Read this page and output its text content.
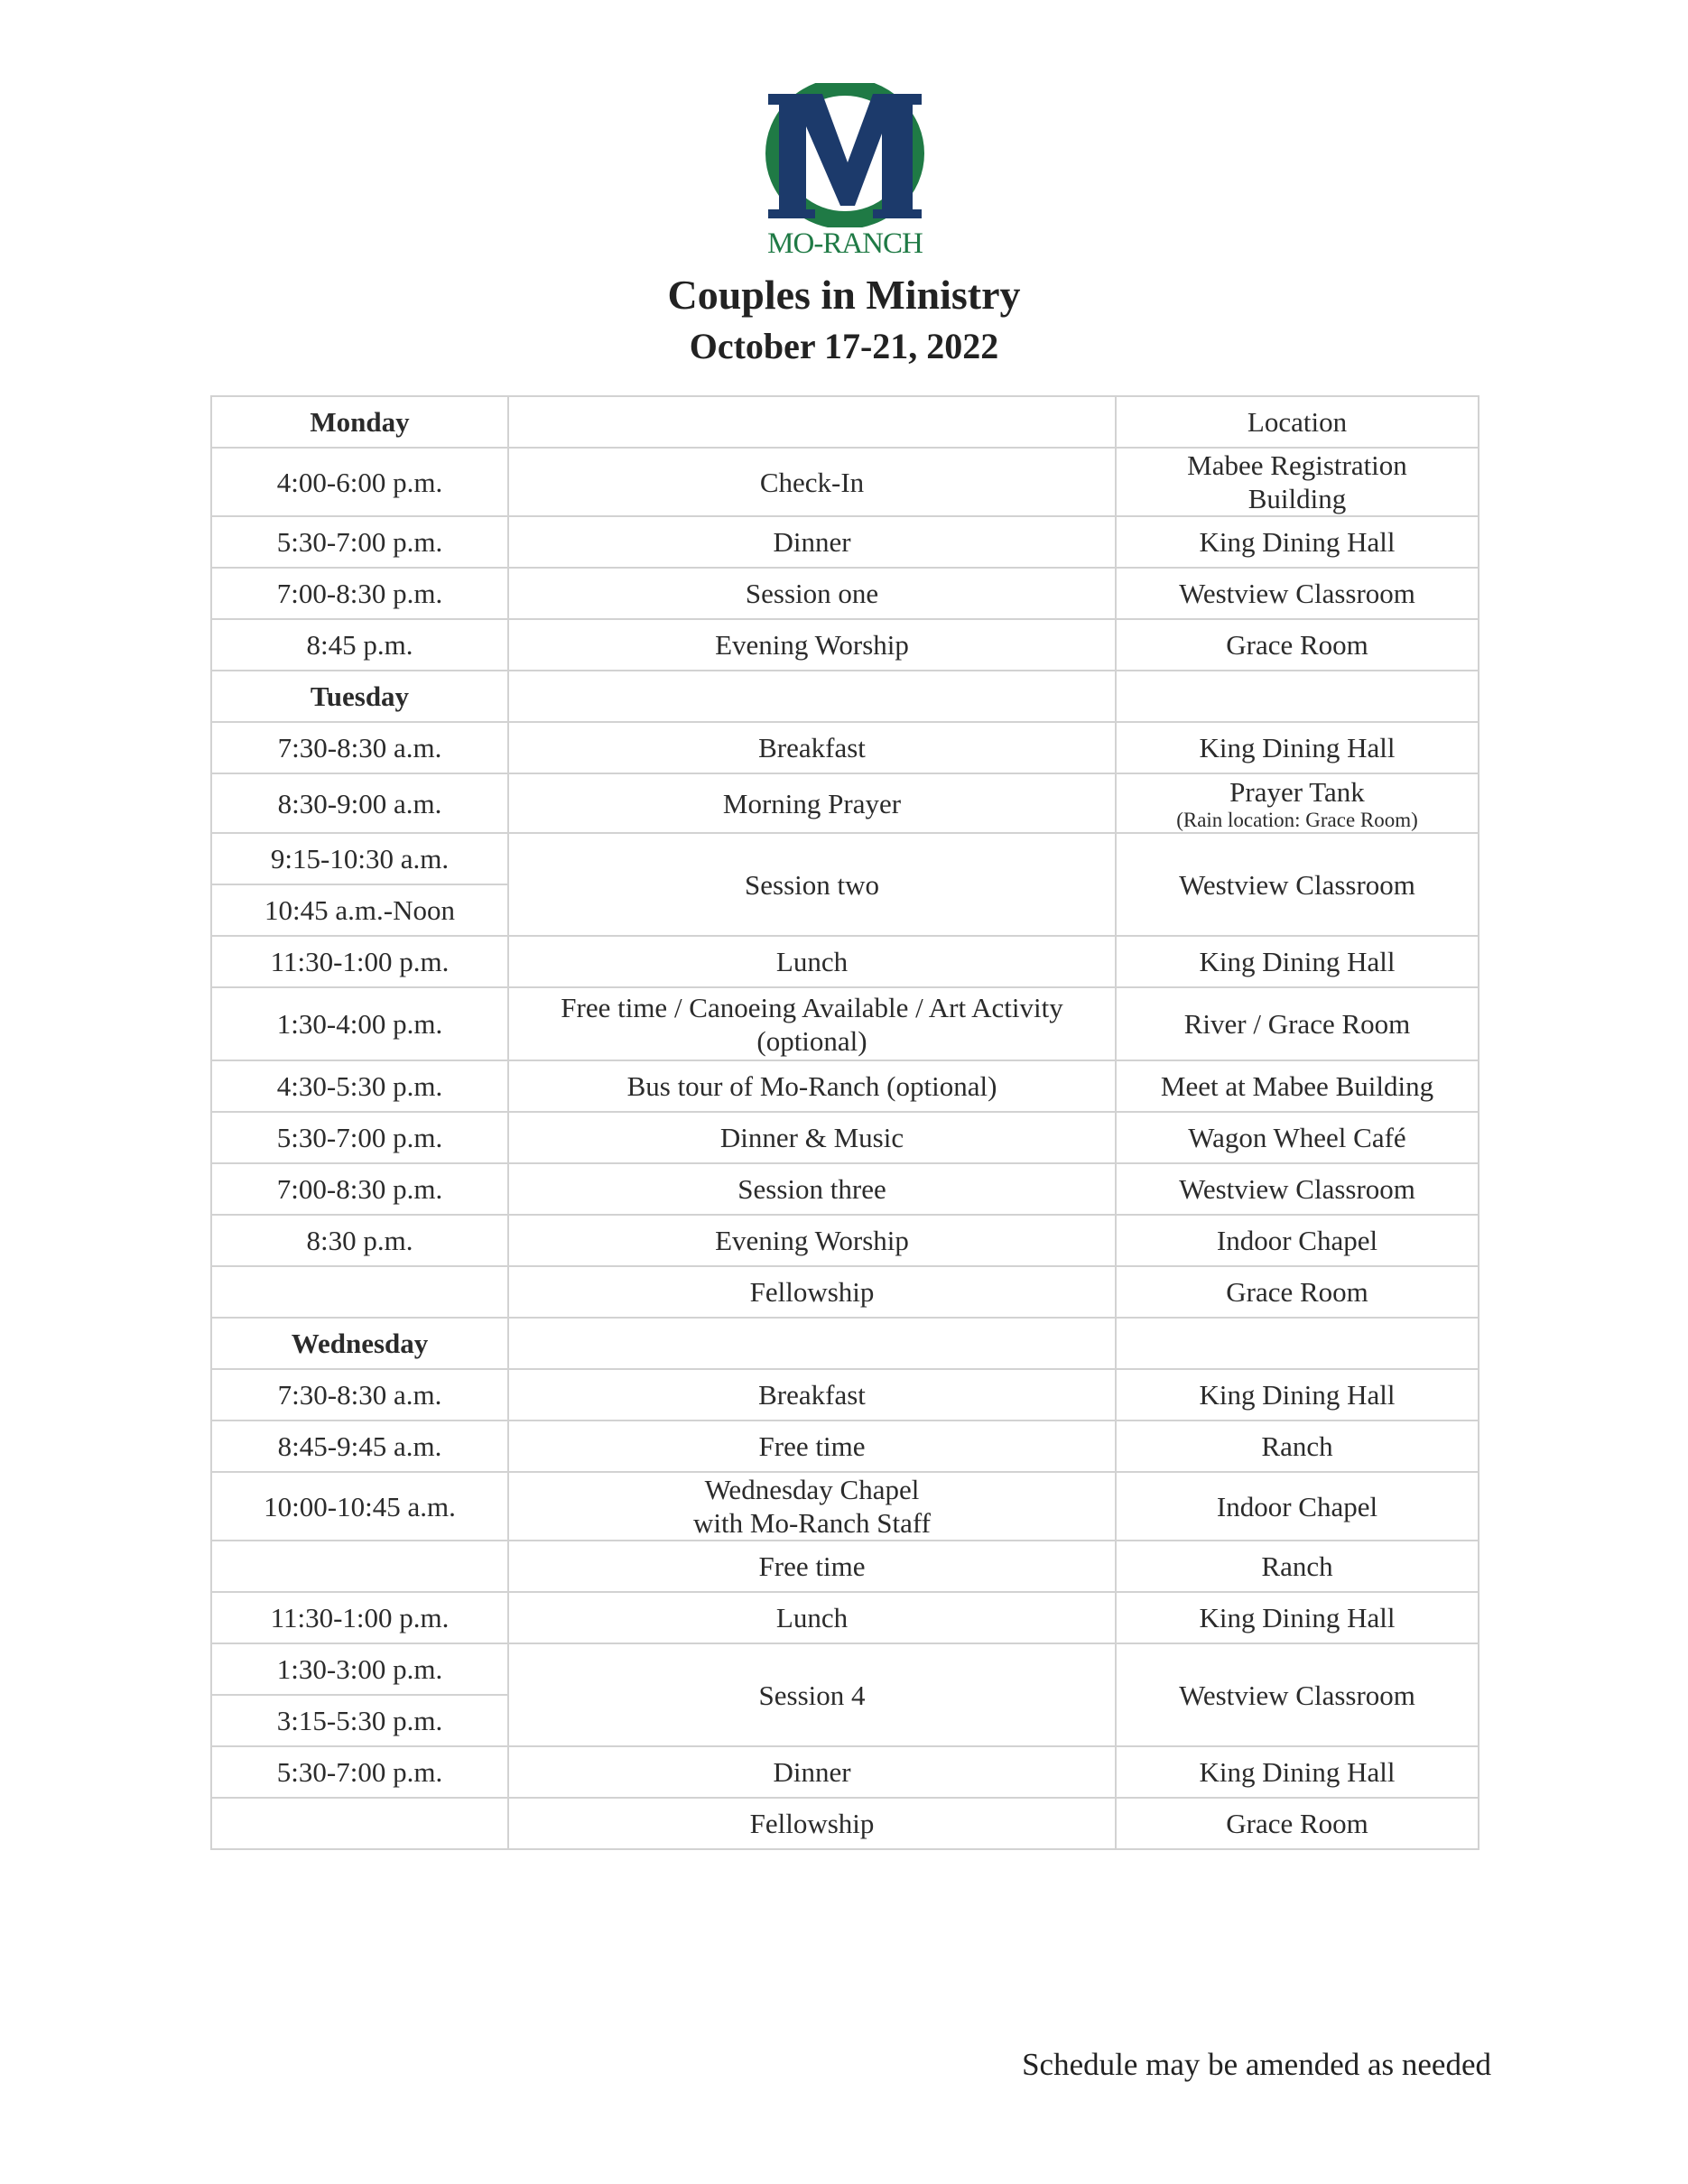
MO-RANCH
Couples in Ministry
October 17-21, 2022
Monday		Location
4:00-6:00 p.m.	Check-In	Mabee Registration Building
5:30-7:00 p.m.	Dinner	King Dining Hall
7:00-8:30 p.m.	Session one	Westview Classroom
8:45 p.m.	Evening Worship	Grace Room
Tuesday		
7:30-8:30 a.m.	Breakfast	King Dining Hall
8:30-9:00 a.m.	Morning Prayer	Prayer Tank
(Rain location: Grace Room)

9:15-10:30 a.m.	Session two	Westview Classroom
10:45 a.m.-Noon		
11:30-1:00 p.m.	Lunch	King Dining Hall
1:30-4:00 p.m.	Free time / Canoeing Available / Art Activity (optional)	River / Grace Room
4:30-5:30 p.m.	Bus tour of Mo-Ranch (optional)	Meet at Mabee Building
5:30-7:00 p.m.	Dinner & Music	Wagon Wheel Café
7:00-8:30 p.m.	Session three	Westview Classroom
8:30 p.m.	Evening Worship	Indoor Chapel
	Fellowship	Grace Room
Wednesday		
7:30-8:30 a.m.	Breakfast	King Dining Hall
8:45-9:45 a.m.	Free time	Ranch
10:00-10:45 a.m.	Wednesday Chapel with Mo-Ranch Staff	Indoor Chapel
	Free time	Ranch
11:30-1:00 p.m.	Lunch	King Dining Hall
1:30-3:00 p.m.	Session 4	Westview Classroom
3:15-5:30 p.m.		
5:30-7:00 p.m.	Dinner	King Dining Hall
	Fellowship	Grace Room
Schedule may be amended as needed
